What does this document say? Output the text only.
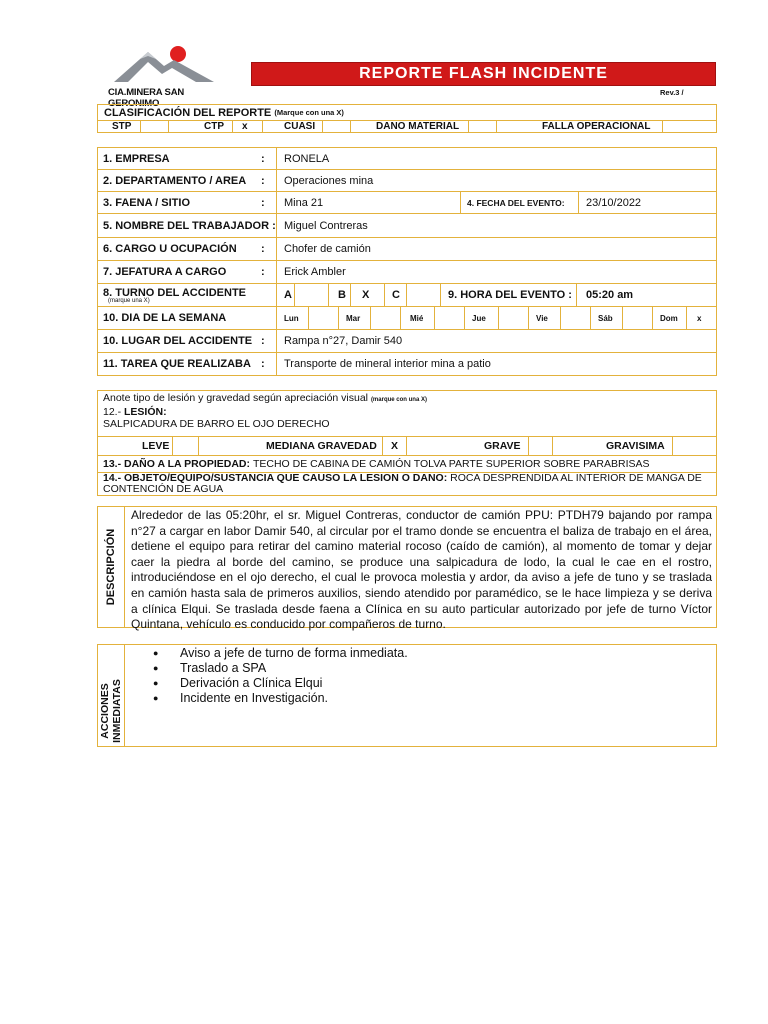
CIA.MINERA SAN GERONIMO
REPORTE FLASH INCIDENTE
Rev.3 /
CLASIFICACIÓN DEL REPORTE
(Marque con una X)
STP	CTP x	CUASI	DANO MATERIAL	FALLA OPERACIONAL
1. EMPRESA	: RONELA
2. DEPARTAMENTO / AREA : Operaciones mina
3. FAENA / SITIO	: Mina 21	4. FECHA DEL EVENTO: 23/10/2022
5. NOMBRE DEL TRABAJADOR : Miguel Contreras
6. CARGO U OCUPACIÓN : Chofer de camión
7. JEFATURA A CARGO	: Erick Ambler
8. TURNO DEL ACCIDENTE
(marque una X)	A	B X C	9. HORA DEL EVENTO : 05:20 am
10. DIA DE LA SEMANA	Lun	Mar	Mié	Jue	Vie	Sáb	Dom x
10. LUGAR DEL ACCIDENTE : Rampa n°27, Damir 540
11. TAREA QUE REALIZABA : Transporte de mineral interior mina a patio
Anote tipo de lesión y gravedad según apreciación visual (marque con una X)
12.- LESIÓN:
SALPICADURA DE BARRO EL OJO DERECHO
LEVE	MEDIANA GRAVEDAD X	GRAVE	GRAVISIMA
13.-
DAÑO A LA PROPIEDAD:
TECHO DE CABINA DE CAMIÓN TOLVA PARTE SUPERIOR SOBRE PARABRISAS
14.- OBJETO/EQUIPO/SUSTANCIA QUE CAUSO LA LESION O DANO: ROCA DESPRENDIDA AL INTERIOR DE MANGA DE CONTENCIÓN DE AGUA
DESCRIPCIÓN
Alrededor de las 05:20hr, el sr. Miguel Contreras, conductor de camión PPU: PTDH79 bajando por rampa n°27 a cargar en labor Damir 540, al circular por el tramo donde se encuentra el baliza de trabajo en el área, detiene el equipo para retirar del camino material rocoso (caído de camión), al momento de tomar y dejar caer la piedra al borde del camino, se produce una salpicadura de lodo, la cual le cae en el rostro, introduciéndose en el ojo derecho, el cual le provoca molestia y ardor, da aviso a jefe de tuno y se traslada en camión hasta sala de primeros auxilios, siendo atendido por paramédico, se le hace limpieza y se deriva a clínica Elqui. Se traslada desde faena a Clínica en su auto particular autorizado por jefe de turno Víctor Quintana, vehículo es conducido por compañeros de turno.
ACCIONES INMEDIATAS
● Aviso a jefe de turno de forma inmediata.
● Traslado a SPA
● Derivación a Clínica Elqui
● Incidente en Investigación.
